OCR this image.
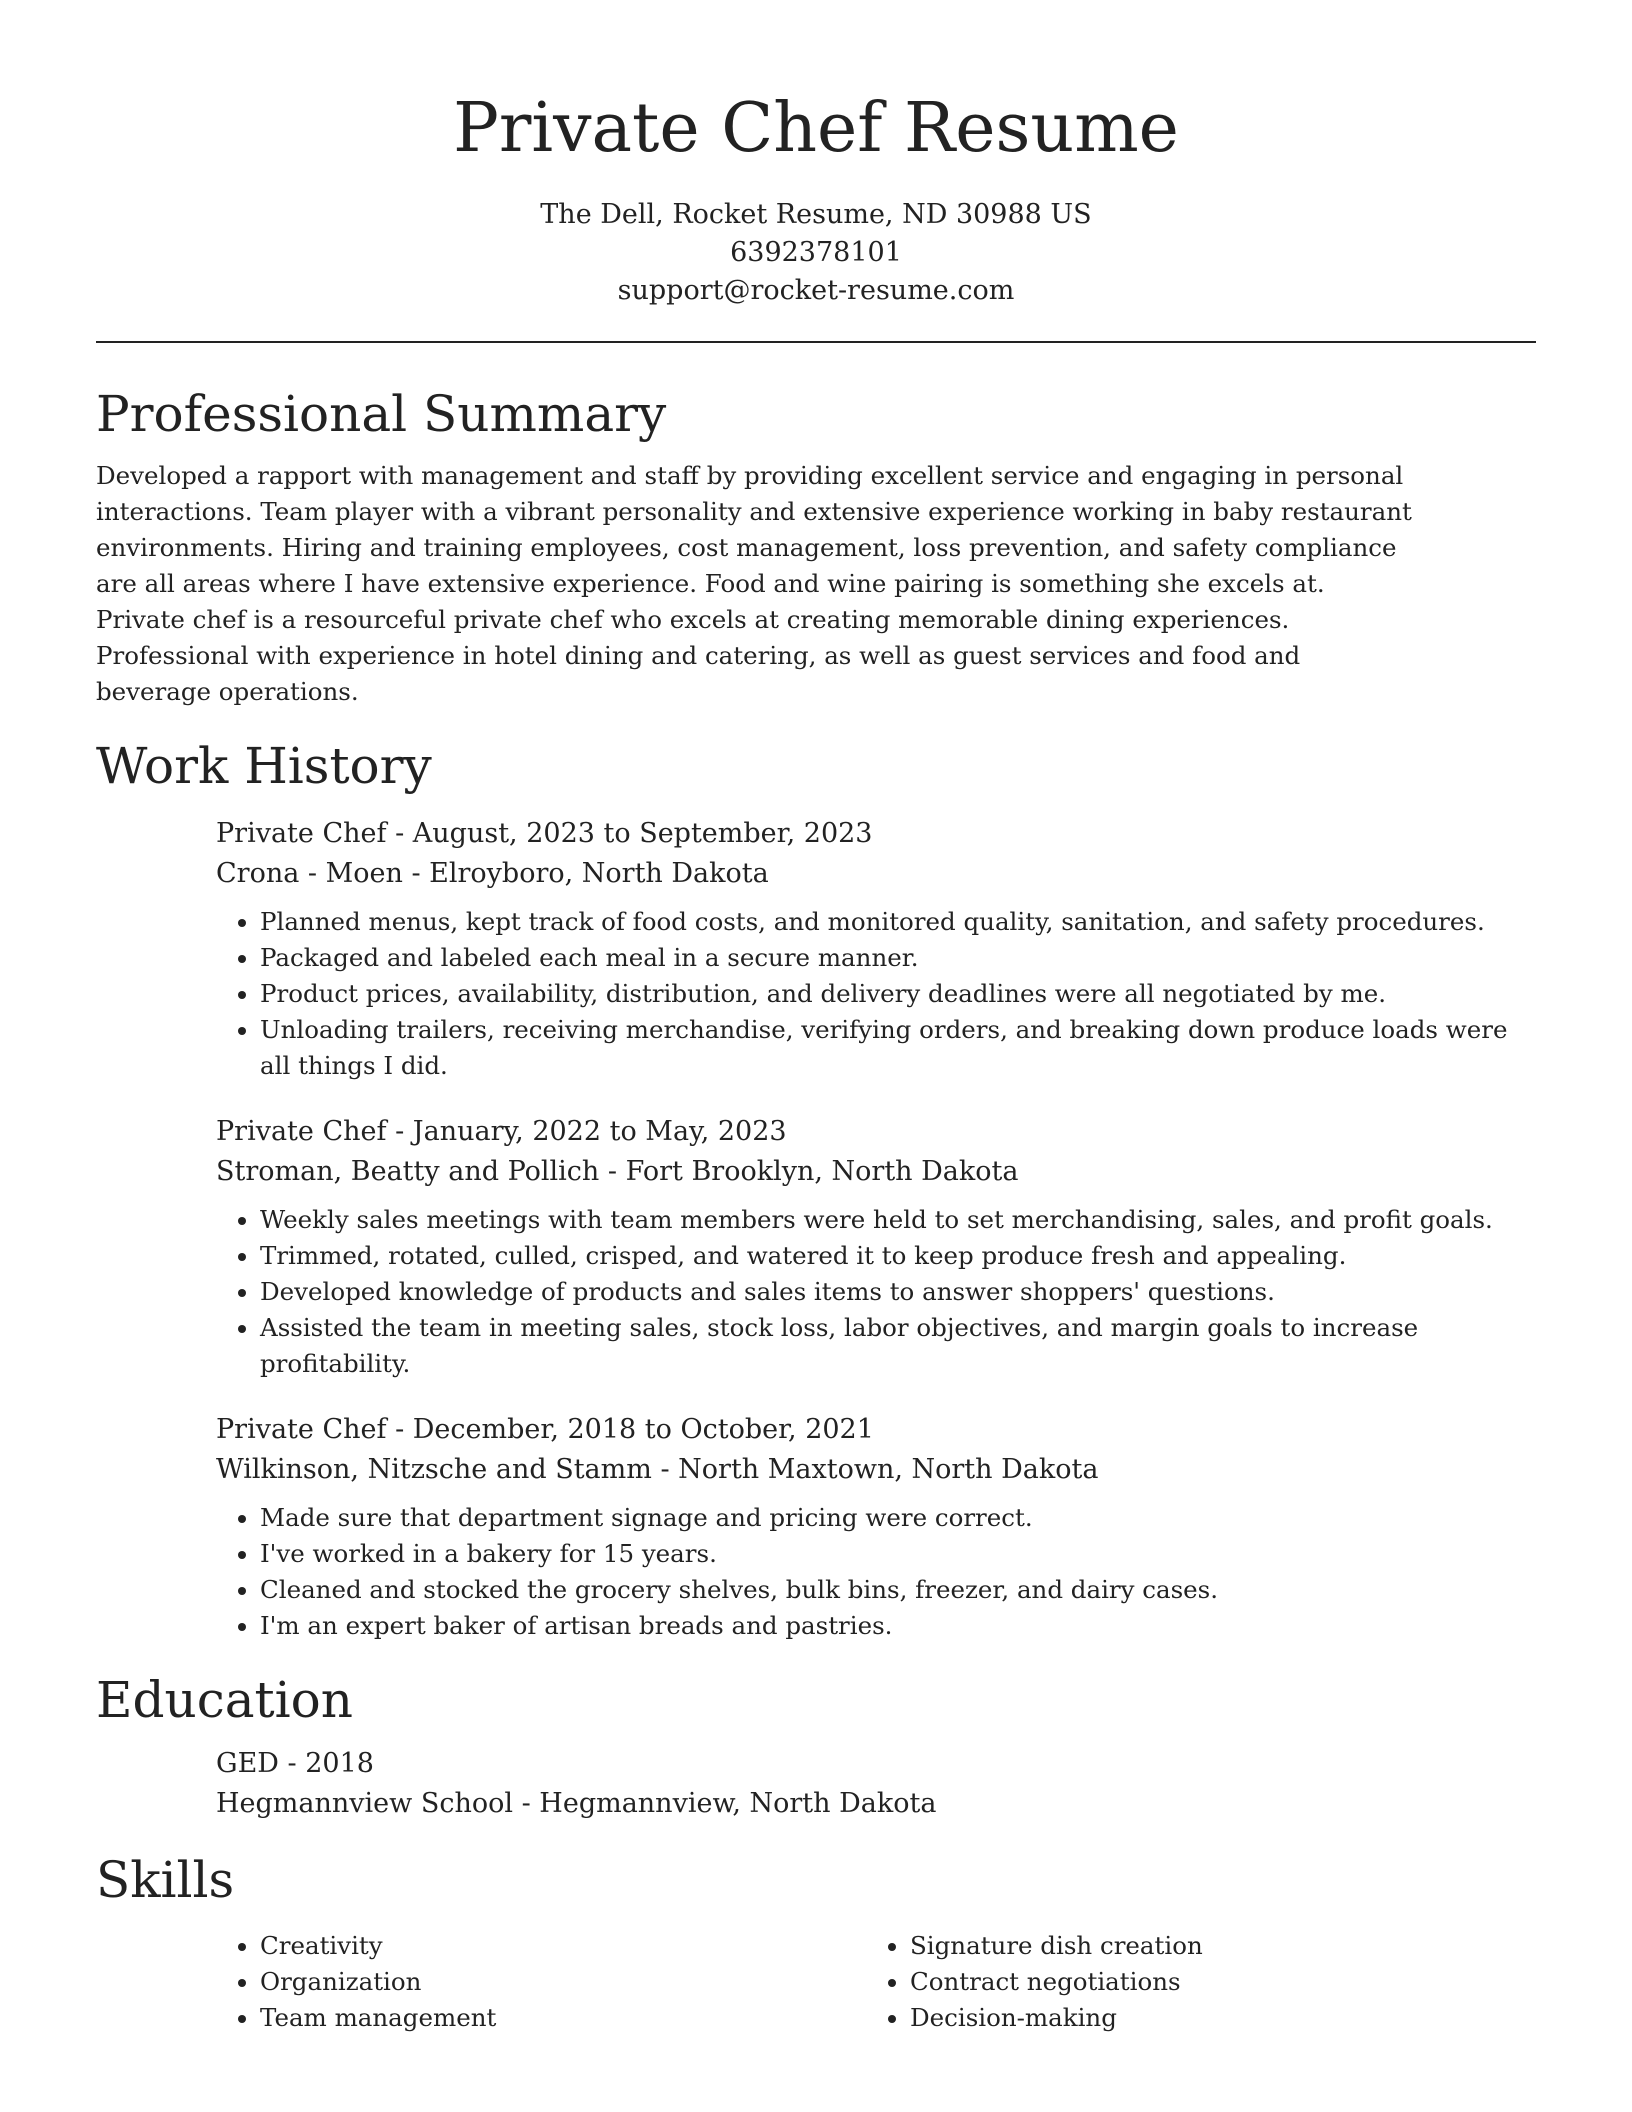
Private Chef Resume

The Dell, Rocket Resume, ND 30988 US

6392378101

support@rocket-resume.com

Professional Summary

Developed a rapport with management and staff by providing excellent service and engaging in personal interactions. Team player with a vibrant personality and extensive experience working in baby restaurant environments. Hiring and training employees, cost management, loss prevention, and safety compliance are all areas where I have extensive experience. Food and wine pairing is something she excels at. Private chef is a resourceful private chef who excels at creating memorable dining experiences. Professional with experience in hotel dining and catering, as well as guest services and food and beverage operations.

Work History

Private Chef - August, 2023 to September, 2023

Crona - Moen - Elroyboro, North Dakota

• Planned menus, kept track of food costs, and monitored quality, sanitation, and safety procedures.
• Packaged and labeled each meal in a secure manner.
• Product prices, availability, distribution, and delivery deadlines were all negotiated by me.
• Unloading trailers, receiving merchandise, verifying orders, and breaking down produce loads were all things I did.

Private Chef - January, 2022 to May, 2023

Stroman, Beatty and Pollich - Fort Brooklyn, North Dakota

• Weekly sales meetings with team members were held to set merchandising, sales, and profit goals.
• Trimmed, rotated, culled, crisped, and watered it to keep produce fresh and appealing.
• Developed knowledge of products and sales items to answer shoppers' questions.
• Assisted the team in meeting sales, stock loss, labor objectives, and margin goals to increase profitability.

Private Chef - December, 2018 to October, 2021

Wilkinson, Nitzsche and Stamm - North Maxtown, North Dakota

• Made sure that department signage and pricing were correct.
• I've worked in a bakery for 15 years.
• Cleaned and stocked the grocery shelves, bulk bins, freezer, and dairy cases.
• I'm an expert baker of artisan breads and pastries.
Education

GED - 2018

Hegmannview School - Hegmannview, North Dakota

Skills
• Creativity
• Organization
• Team management
• Signature dish creation
• Contract negotiations
• Decision-making
